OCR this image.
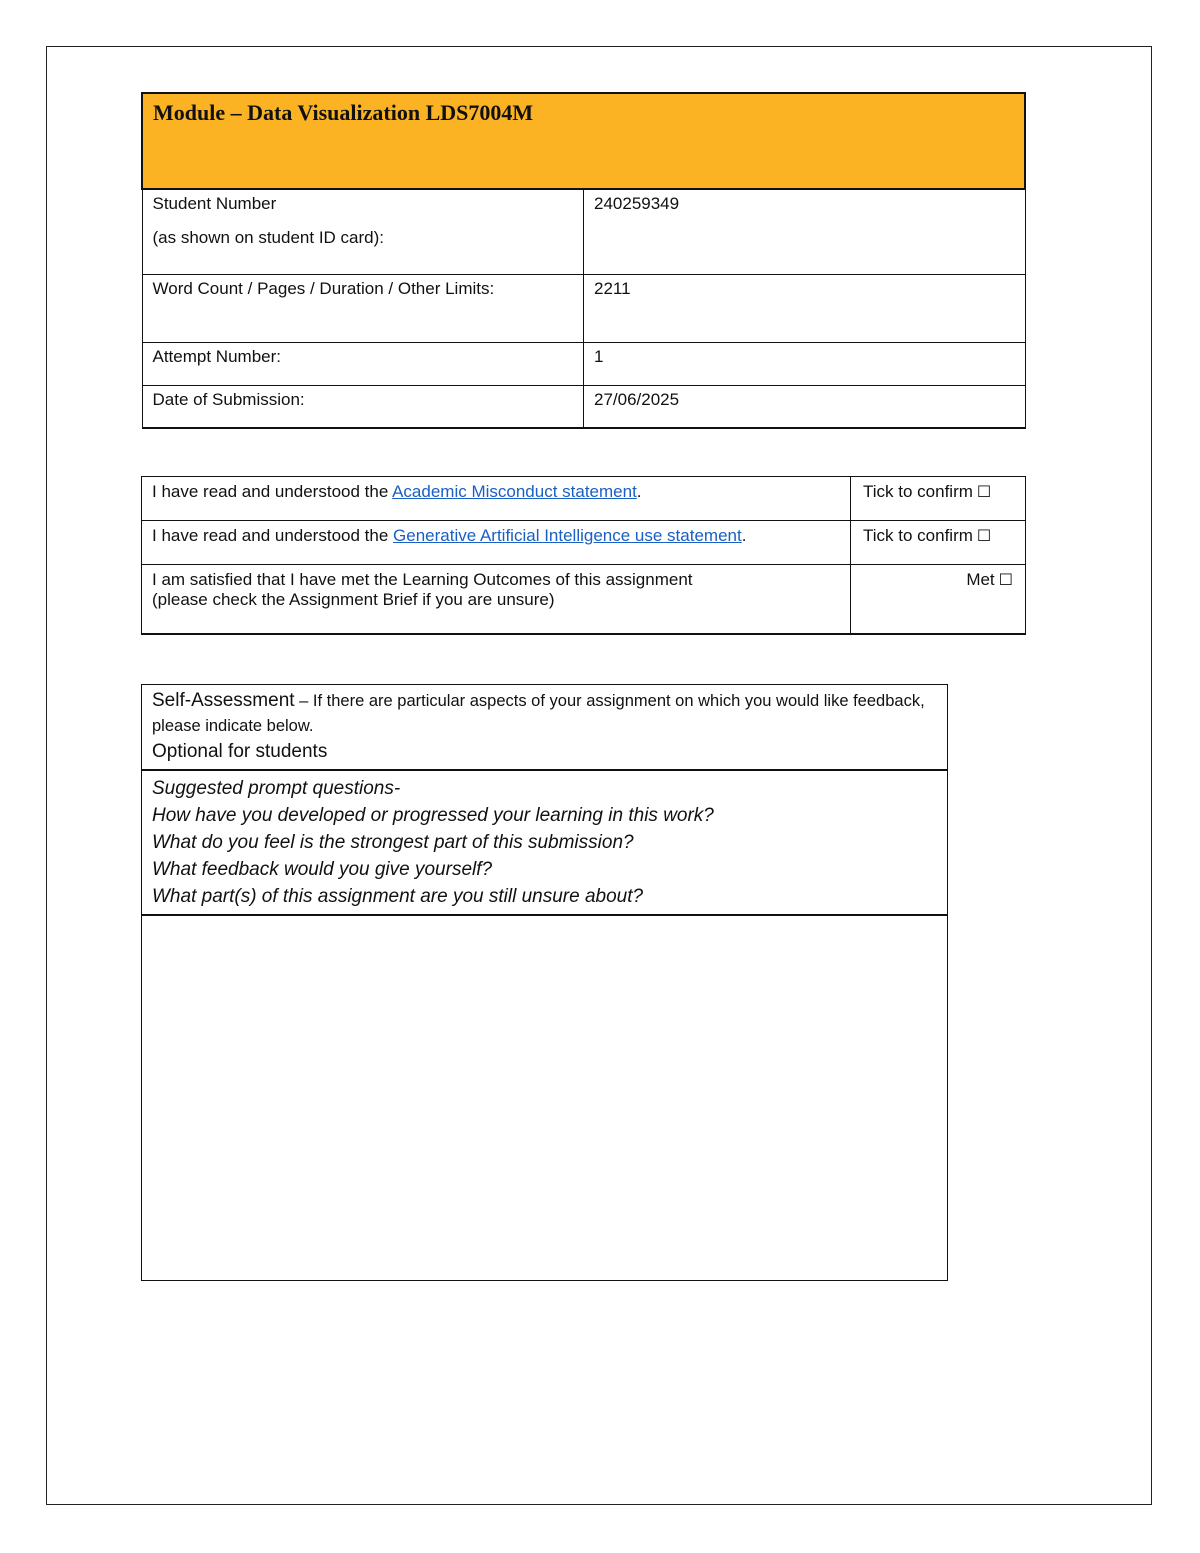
Module – Data Visualization LDS7004M	

Student Number
(as shown on student ID card):	240259349
Word Count / Pages / Duration / Other Limits:	2211
Attempt Number:	1
Date of Submission:	27/06/2025
I have read and understood the Academic Misconduct statement.	Tick to confirm ☐
I have read and understood the Generative Artificial Intelligence use statement.	Tick to confirm ☐

I am satisfied that I have met the Learning Outcomes of this assignment
(please check the Assignment Brief if you are unsure)	Met ☐
Self-Assessment – If there are particular aspects of your assignment on which you would like feedback, please indicate below.
Optional for students

Suggested prompt questions-
How have you developed or progressed your learning in this work?
What do you feel is the strongest part of this submission?
What feedback would you give yourself?
What part(s) of this assignment are you still unsure about?
